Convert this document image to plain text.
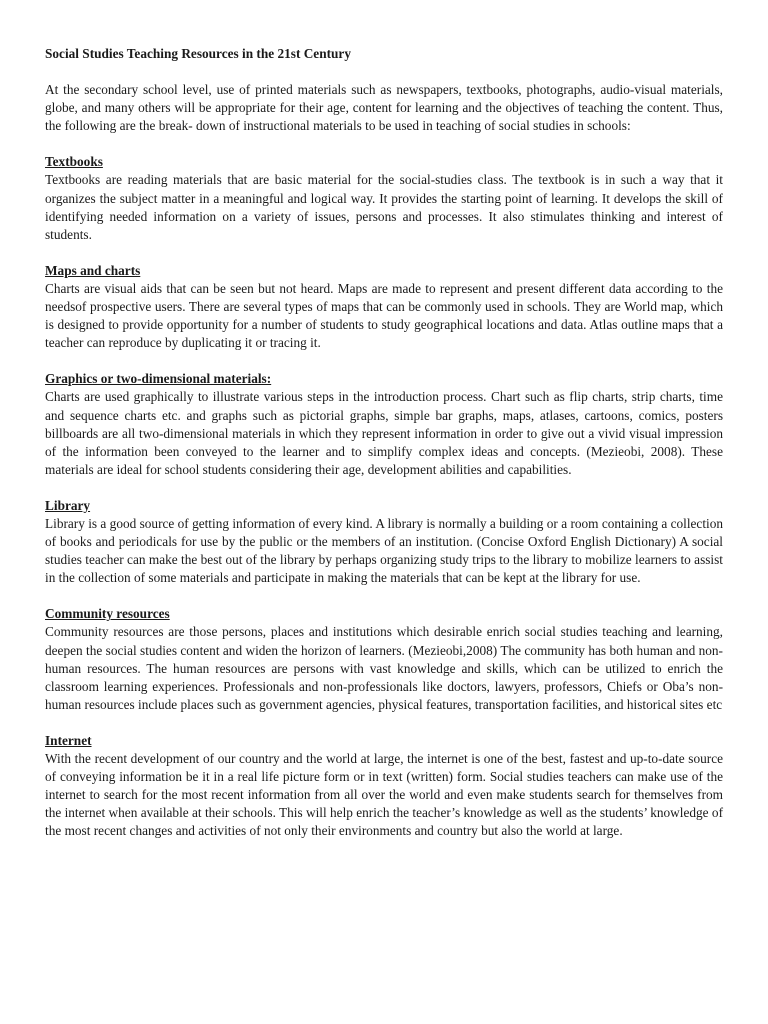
Social Studies Teaching Resources in the 21st Century

At the secondary school level, use of printed materials such as newspapers, textbooks, photographs, audio-visual materials, globe, and many others will be appropriate for their age, content for learning and the objectives of teaching the content. Thus, the following are the break- down of instructional materials to be used in teaching of social studies in schools:

Textbooks

Textbooks are reading materials that are basic material for the social-studies class. The textbook is in such a way that it organizes the subject matter in a meaningful and logical way. It provides the starting point of learning. It develops the skill of identifying needed information on a variety of issues, persons and processes. It also stimulates thinking and interest of students.

Maps and charts

Charts are visual aids that can be seen but not heard. Maps are made to represent and present different data according to the needsof prospective users. There are several types of maps that can be commonly used in schools. They are World map, which is designed to provide opportunity for a number of students to study geographical locations and data. Atlas outline maps that a teacher can reproduce by duplicating it or tracing it.

Graphics or two-dimensional materials:

Charts are used graphically to illustrate various steps in the introduction process. Chart such as flip charts, strip charts, time and sequence charts etc. and graphs such as pictorial graphs, simple bar graphs, maps, atlases, cartoons, comics, posters billboards are all two-dimensional materials in which they represent information in order to give out a vivid visual impression of the information been conveyed to the learner and to simplify complex ideas and concepts. (Mezieobi, 2008). These materials are ideal for school students considering their age, development abilities and capabilities.

Library

Library is a good source of getting information of every kind. A library is normally a building or a room containing a collection of books and periodicals for use by the public or the members of an institution. (Concise Oxford English Dictionary) A social studies teacher can make the best out of the library by perhaps organizing study trips to the library to mobilize learners to assist in the collection of some materials and participate in making the materials that can be kept at the library for use.

Community resources

Community resources are those persons, places and institutions which desirable enrich social studies teaching and learning, deepen the social studies content and widen the horizon of learners. (Mezieobi,2008) The community has both human and non-human resources. The human resources are persons with vast knowledge and skills, which can be utilized to enrich the classroom learning experiences. Professionals and non-professionals like doctors, lawyers, professors, Chiefs or Oba’s non-human resources include places such as government agencies, physical features, transportation facilities, and historical sites etc

Internet

With the recent development of our country and the world at large, the internet is one of the best, fastest and up-to-date source of conveying information be it in a real life picture form or in text (written) form. Social studies teachers can make use of the internet to search for the most recent information from all over the world and even make students search for themselves from the internet when available at their schools. This will help enrich the teacher’s knowledge as well as the students’ knowledge of the most recent changes and activities of not only their environments and country but also the world at large.
